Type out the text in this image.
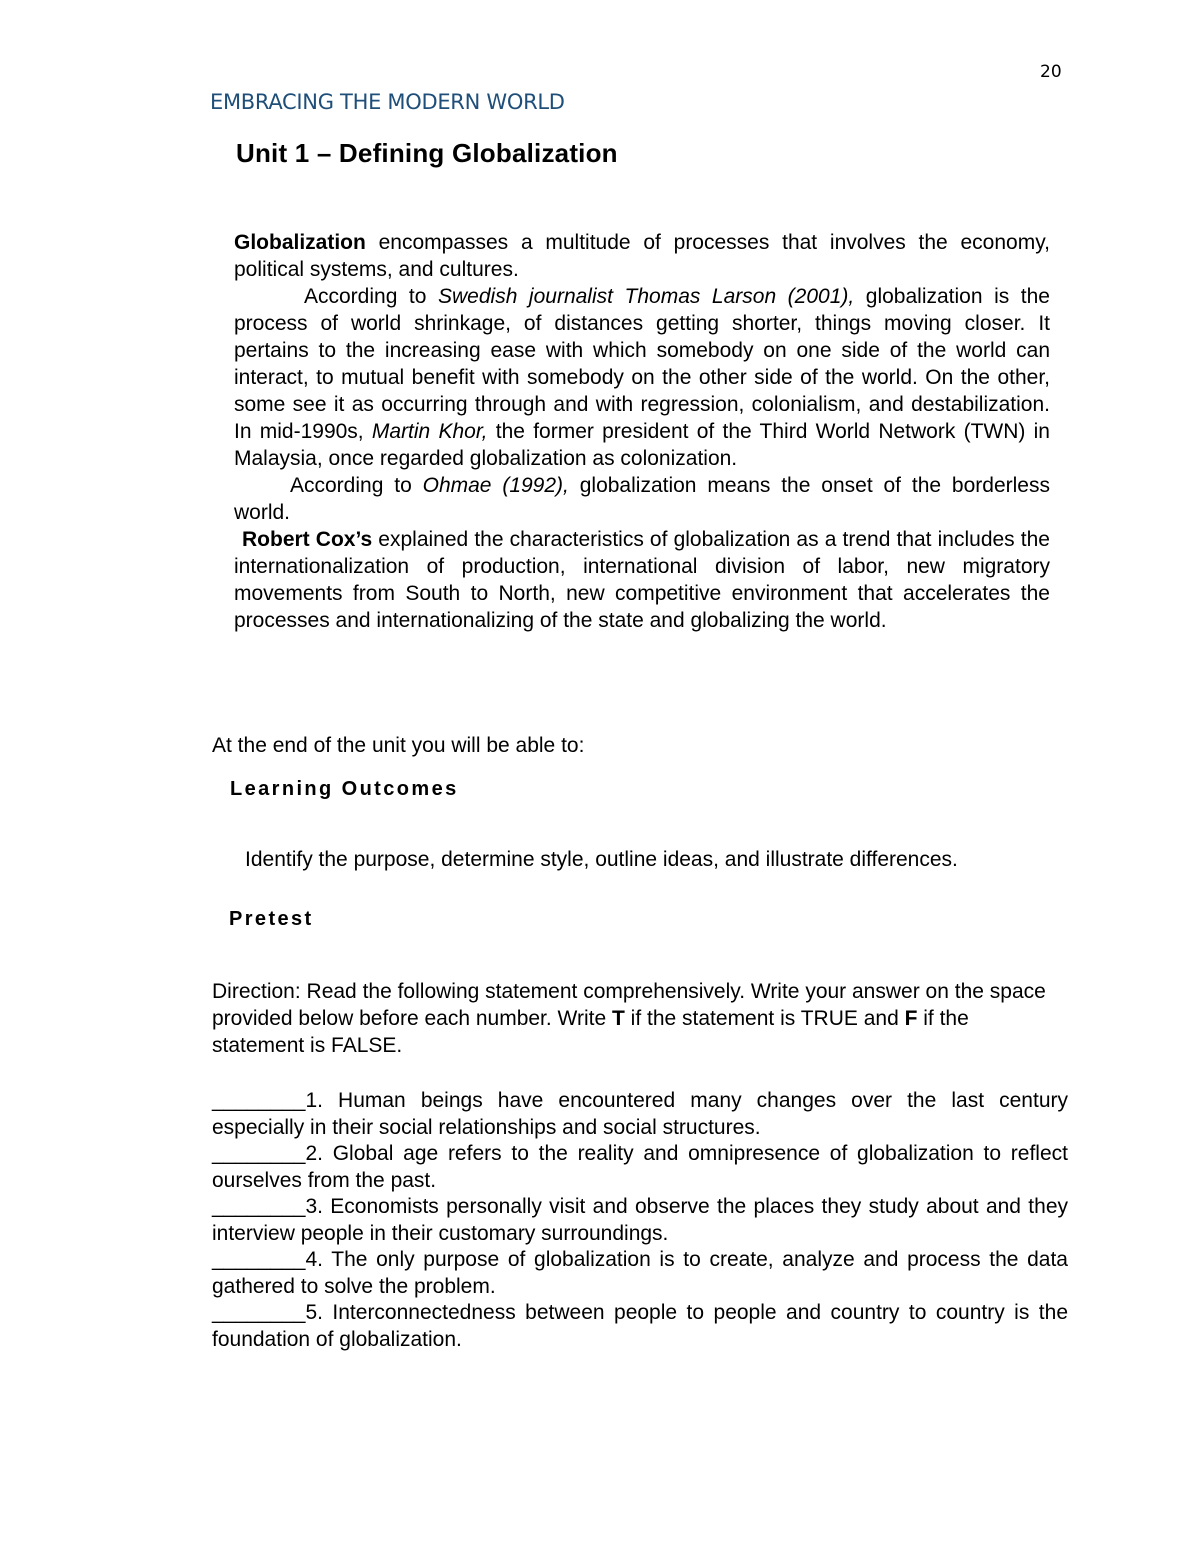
20
EMBRACING THE MODERN WORLD
Unit 1 – Defining Globalization

Globalization encompasses a multitude of processes that involves the economy, political systems, and cultures.

According to Swedish journalist Thomas Larson (2001), globalization is the process of world shrinkage, of distances getting shorter, things moving closer. It pertains to the increasing ease with which somebody on one side of the world can interact, to mutual benefit with somebody on the other side of the world. On the other, some see it as occurring through and with regression, colonialism, and destabilization. In mid-1990s, Martin Khor, the former president of the Third World Network (TWN) in Malaysia, once regarded globalization as colonization.

According to Ohmae (1992), globalization means the onset of the borderless world.

Robert Cox’s explained the characteristics of globalization as a trend that includes the internationalization of production, international division of labor, new migratory movements from South to North, new competitive environment that accelerates the processes and internationalizing of the state and globalizing the world.

At the end of the unit you will be able to:
Learning Outcomes
Identify the purpose, determine style, outline ideas, and illustrate differences.
Pretest

Direction: Read the following statement comprehensively. Write your answer on the space provided below before each number. Write T if the statement is TRUE and F if the statement is FALSE.

________1. Human beings have encountered many changes over the last century especially in their social relationships and social structures.

________2. Global age refers to the reality and omnipresence of globalization to reflect ourselves from the past.

________3. Economists personally visit and observe the places they study about and they interview people in their customary surroundings.

________4. The only purpose of globalization is to create, analyze and process the data gathered to solve the problem.

________5. Interconnectedness between people to people and country to country is the foundation of globalization.
